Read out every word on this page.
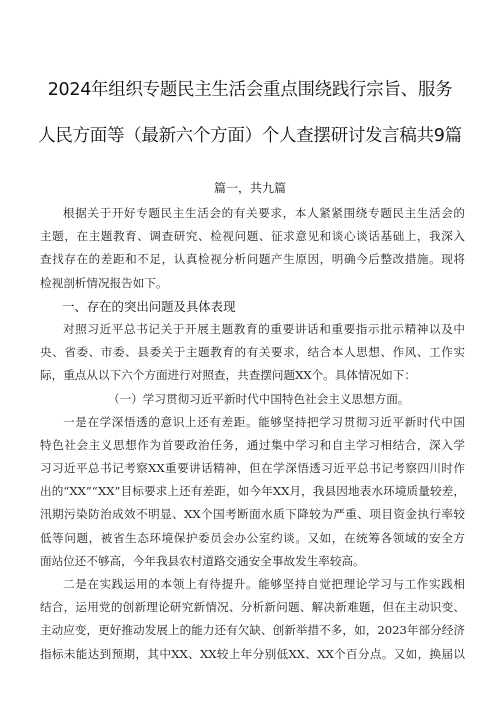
2024年组织专题民主生活会重点围绕践行宗旨、服务
人民方面等（最新六个方面）个人查摆研讨发言稿共9篇
篇一，共九篇
根据关于开好专题民主生活会的有关要求，本人紧紧围绕专题民主生活会的
主题，在主题教育、调查研究、检视问题、征求意见和谈心谈话基础上，我深入
查找存在的差距和不足，认真检视分析问题产生原因，明确今后整改措施。现将
检视剖析情况报告如下。
一、存在的突出问题及具体表现
对照习近平总书记关于开展主题教育的重要讲话和重要指示批示精神以及中
央、省委、市委、县委关于主题教育的有关要求，结合本人思想、作风、工作实
际，重点从以下六个方面进行对照查，共查摆问题XX个。具体情况如下：
（一）学习贯彻习近平新时代中国特色社会主义思想方面。
一是在学深悟透的意识上还有差距。能够坚持把学习贯彻习近平新时代中国
特色社会主义思想作为首要政治任务，通过集中学习和自主学习相结合，深入学
习习近平总书记考察XX重要讲话精神，但在学深悟透习近平总书记考察四川时作
出的“XX”“XX”目标要求上还有差距，如今年XX月，我县因地表水环境质量较差，
汛期污染防治成效不明显、XX个国考断面水质下降较为严重、项目资金执行率较
低等问题，被省生态环境保护委员会办公室约谈。又如，在统筹各领域的安全方
面站位还不够高，今年我县农村道路交通安全事故发生率较高。
二是在实践运用的本领上有待提升。能够坚持自觉把理论学习与工作实践相
结合，运用党的创新理论研究新情况、分析新问题、解决新难题，但在主动识变、
主动应变，更好推动发展上的能力还有欠缺、创新举措不多，如，2023年部分经济
指标未能达到预期，其中XX、XX较上年分别低XX、XX个百分点。又如，换届以
